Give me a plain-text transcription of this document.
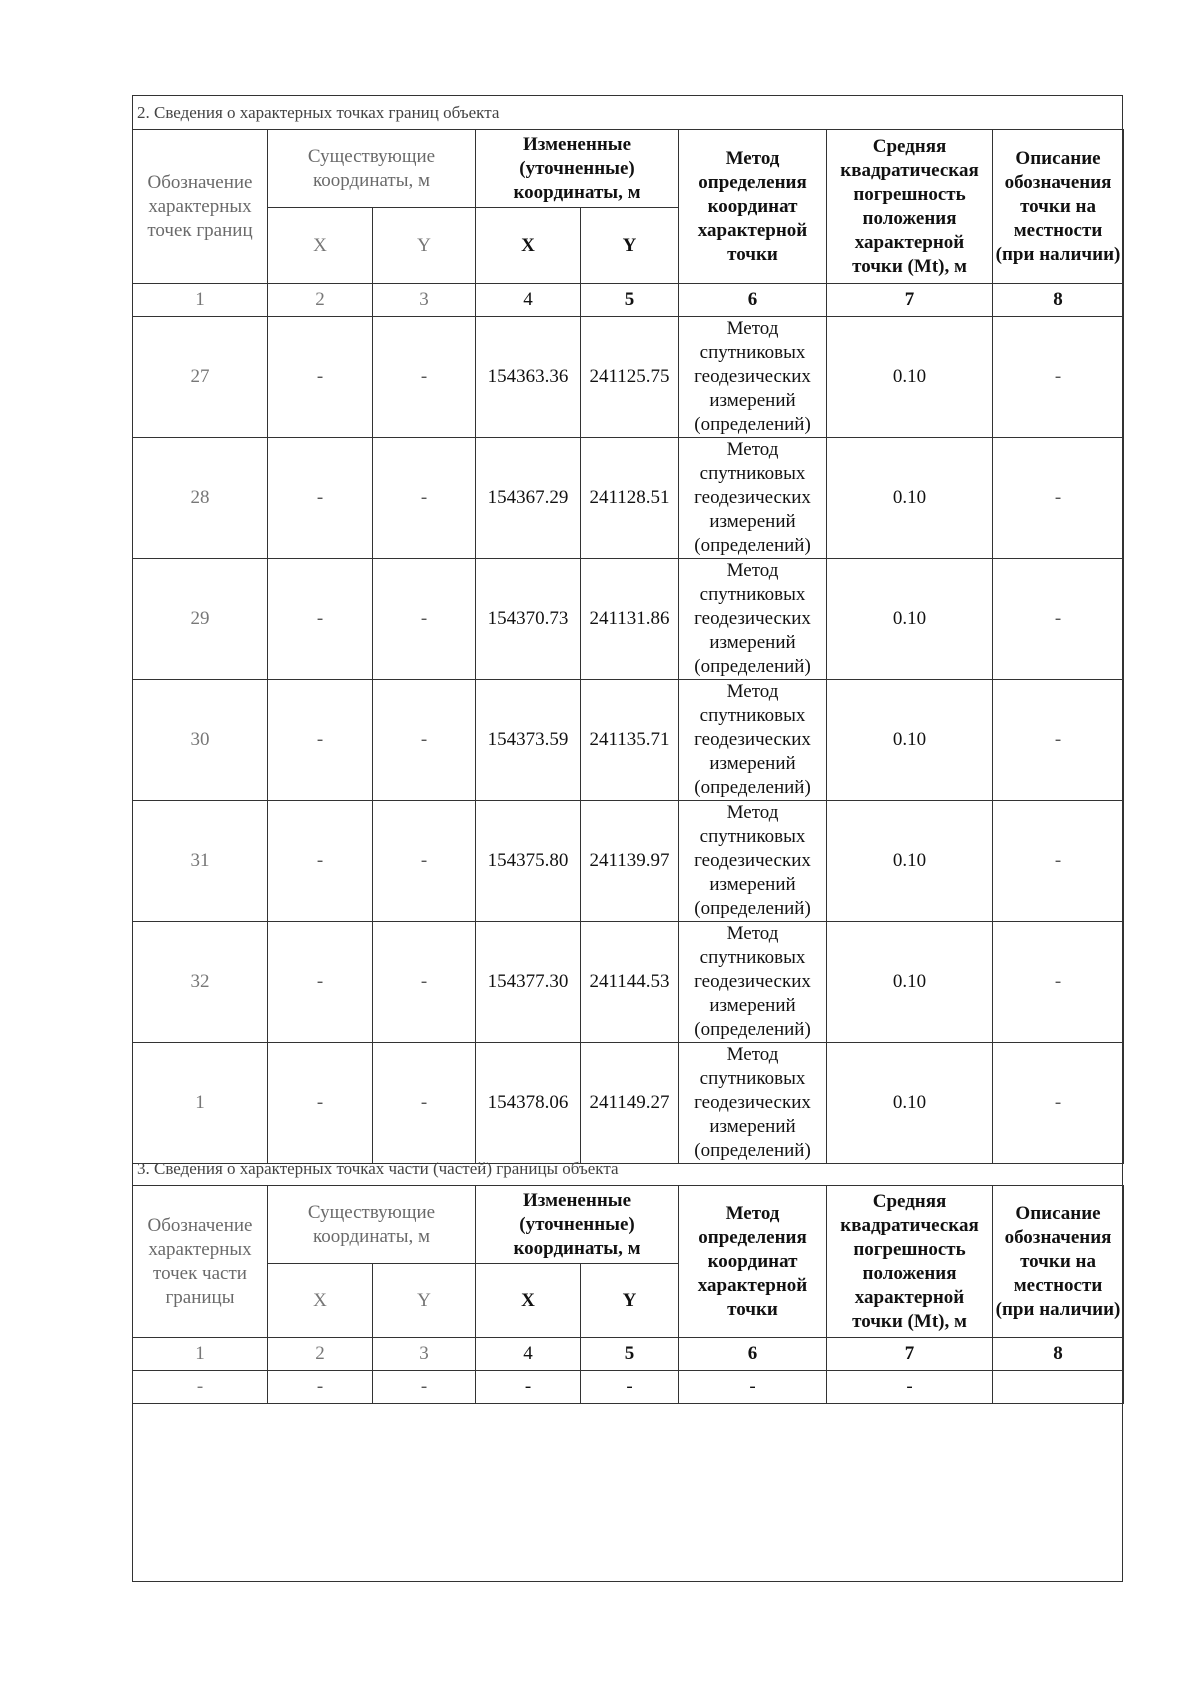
2. Сведения о характерных точках границ объекта
Обозначение характерных точек границ	Существующие координаты, м		Измененные (уточненные) координаты, м		Метод определения координат характерной точки	Средняя квадратическая погрешность положения характерной точки (Mt), м	Описание обозначения точки на местности (при наличии)
	X	Y	X	Y			
1	2	3	4	5	6	7	8
27	-	-	154363.36	241125.75	Метод спутниковых геодезических измерений (определений)	0.10	-
28	-	-	154367.29	241128.51	Метод спутниковых геодезических измерений (определений)	0.10	-
29	-	-	154370.73	241131.86	Метод спутниковых геодезических измерений (определений)	0.10	-
30	-	-	154373.59	241135.71	Метод спутниковых геодезических измерений (определений)	0.10	-
31	-	-	154375.80	241139.97	Метод спутниковых геодезических измерений (определений)	0.10	-
32	-	-	154377.30	241144.53	Метод спутниковых геодезических измерений (определений)	0.10	-
1	-	-	154378.06	241149.27	Метод спутниковых геодезических измерений (определений)	0.10	-
3. Сведения о характерных точках части (частей) границы объекта
Обозначение характерных точек части границы	Существующие координаты, м		Измененные (уточненные) координаты, м		Метод определения координат характерной точки	Средняя квадратическая погрешность положения характерной точки (Mt), м	Описание обозначения точки на местности (при наличии)
	X	Y	X	Y			
1	2	3	4	5	6	7	8
-	-	-	-	-	-	-	
